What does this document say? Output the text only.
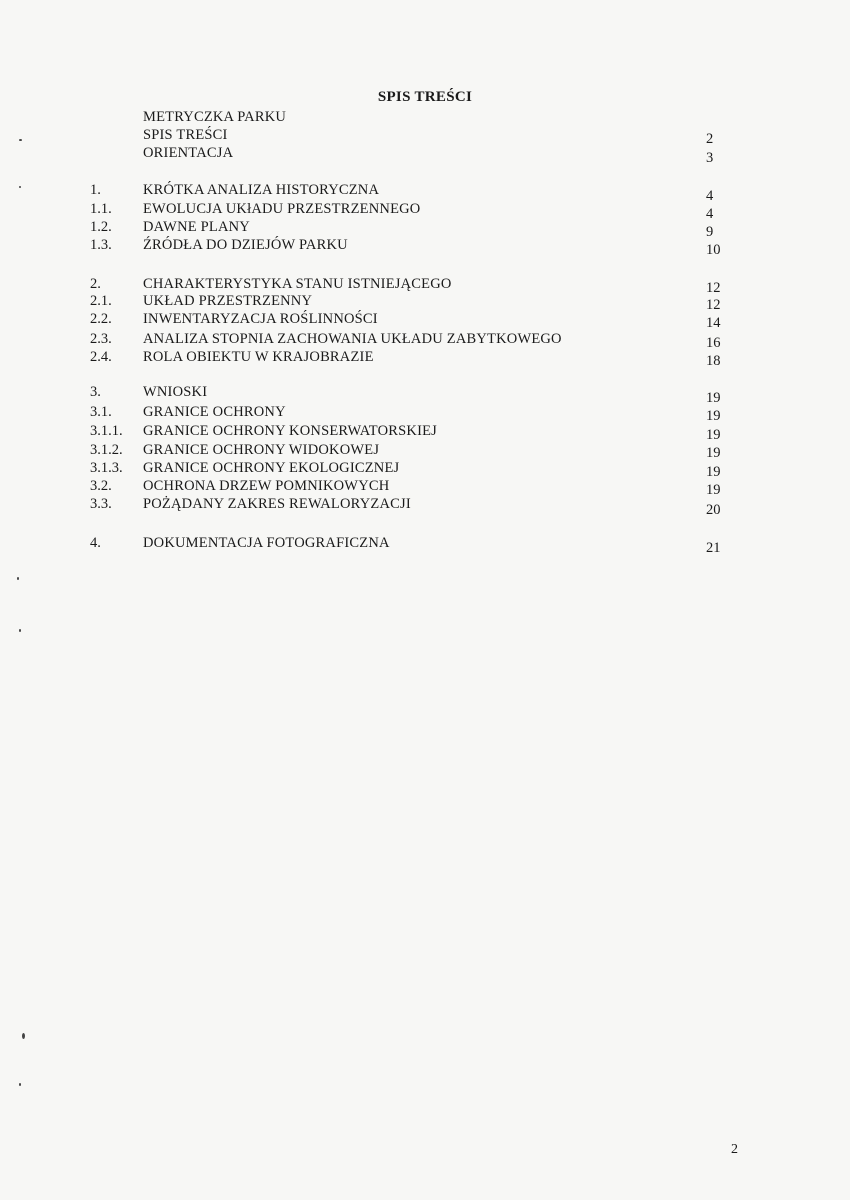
SPIS TREŚCI
METRYCZKA PARKU
SPIS TREŚCI	2
ORIENTACJA	3
1.	KRÓTKA ANALIZA HISTORYCZNA	4
1.1. EWOLUCJA UKłADU PRZESTRZENNEGO	4
1.2. DAWNE PLANY	9
1.3. ŹRÓDŁA DO DZIEJÓW PARKU	10
2.	CHARAKTERYSTYKA STANU ISTNIEJĄCEGO	12
2.1. UKŁAD PRZESTRZENNY	12
2.2. INWENTARYZACJA ROŚLINNOŚCI	14
2.3. ANALIZA STOPNIA ZACHOWANIA UKŁADU ZABYTKOWEGO	16
2.4. ROLA OBIEKTU W KRAJOBRAZIE	18
3.	WNIOSKI	19
3.1. GRANICE OCHRONY	19
3.1.1. GRANICE OCHRONY KONSERWATORSKIEJ	19
3.1.2. GRANICE OCHRONY WIDOKOWEJ	19
3.1.3. GRANICE OCHRONY EKOLOGICZNEJ	19
3.2. OCHRONA DRZEW POMNIKOWYCH	19
3.3. POŻĄDANY ZAKRES REWALORYZACJI	20
4.	DOKUMENTACJA FOTOGRAFICZNA	21
2
